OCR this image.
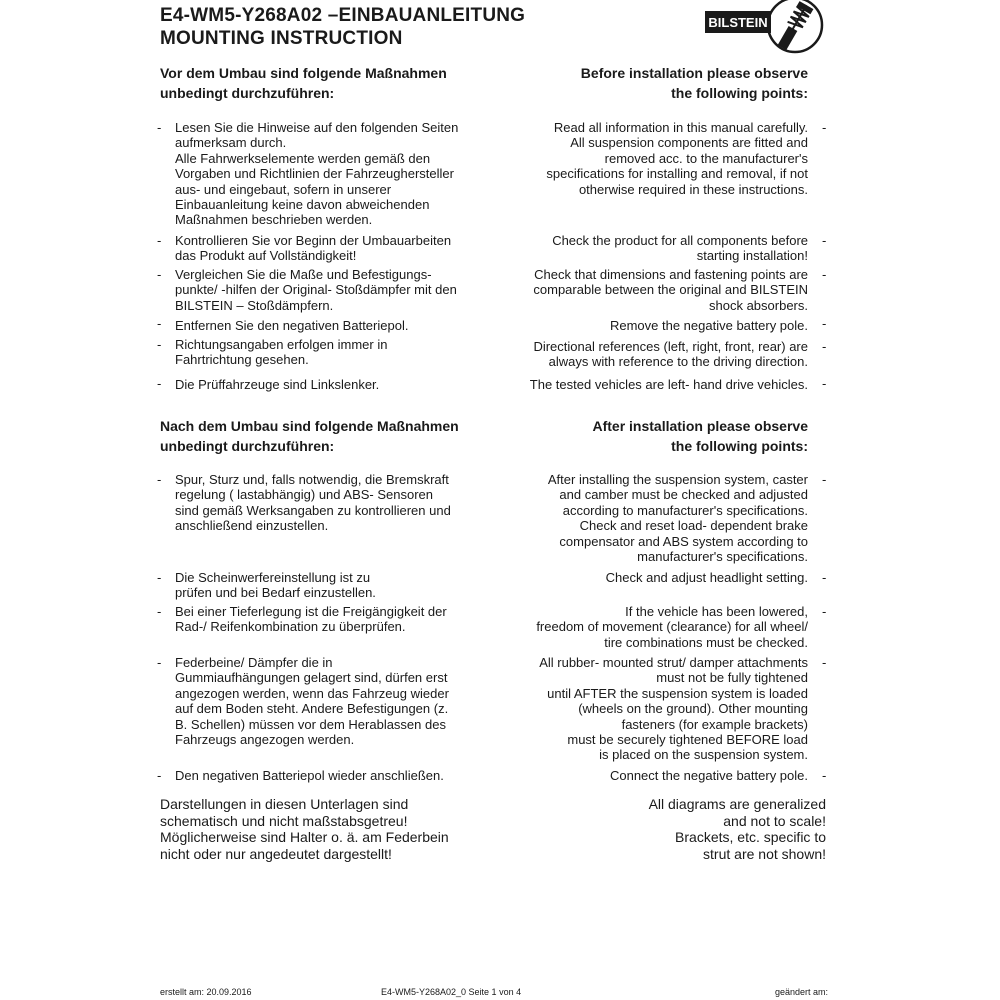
E4-WM5-Y268A02 –EINBAUANLEITUNG
MOUNTING INSTRUCTION
BILSTEIN
Vor dem Umbau sind folgende Maßnahmen
unbedingt durchzuführen:
Before installation please observe
the following points:
- Lesen Sie die Hinweise auf den folgenden Seiten
aufmerksam durch.
Alle Fahrwerkselemente werden gemäß den
Vorgaben und Richtlinien der Fahrzeughersteller
aus- und eingebaut, sofern in unserer
Einbauanleitung keine davon abweichenden
Maßnahmen beschrieben werden.
Read all information in this manual carefully.
All suspension components are fitted and
removed acc. to the manufacturer's
specifications for installing and removal, if not
otherwise required in these instructions.
-
- Kontrollieren Sie vor Beginn der Umbauarbeiten
das Produkt auf Vollständigkeit!
Check the product for all components before
starting installation!
-
- Vergleichen Sie die Maße und Befestigungs-
punkte/ -hilfen der Original- Stoßdämpfer mit den
BILSTEIN – Stoßdämpfern.
Check that dimensions and fastening points are
comparable between the original and BILSTEIN
shock absorbers.
-
- Entfernen Sie den negativen Batteriepol.	Remove the negative battery pole. -
- Richtungsangaben erfolgen immer in
Fahrtrichtung gesehen.
Directional references (left, right, front, rear) are
always with reference to the driving direction.
-
- Die Prüffahrzeuge sind Linkslenker.	The tested vehicles are left- hand drive vehicles. -
Nach dem Umbau sind folgende Maßnahmen
unbedingt durchzuführen:
After installation please observe
the following points:
- Spur, Sturz und, falls notwendig, die Bremskraft
regelung ( lastabhängig) und ABS- Sensoren
sind gemäß Werksangaben zu kontrollieren und
anschließend einzustellen.
After installing the suspension system, caster
and camber must be checked and adjusted
according to manufacturer's specifications.
Check and reset load- dependent brake
compensator and ABS system according to
manufacturer's specifications.
-
- Die Scheinwerfereinstellung ist zu
prüfen und bei Bedarf einzustellen.
Check and adjust headlight setting. -
- Bei einer Tieferlegung ist die Freigängigkeit der
Rad-/ Reifenkombination zu überprüfen.
If the vehicle has been lowered,
freedom of movement (clearance) for all wheel/
tire combinations must be checked.
-
- Federbeine/ Dämpfer die in
Gummiaufhängungen gelagert sind, dürfen erst
angezogen werden, wenn das Fahrzeug wieder
auf dem Boden steht. Andere Befestigungen (z.
B. Schellen) müssen vor dem Herablassen des
Fahrzeugs angezogen werden.
All rubber- mounted strut/ damper attachments
must not be fully tightened
until AFTER the suspension system is loaded
(wheels on the ground). Other mounting
fasteners (for example brackets)
must be securely tightened BEFORE load
is placed on the suspension system.
-
- Den negativen Batteriepol wieder anschließen.	Connect the negative battery pole. -
Darstellungen in diesen Unterlagen sind
schematisch und nicht maßstabsgetreu!
Möglicherweise sind Halter o. ä. am Federbein
nicht oder nur angedeutet dargestellt!
All diagrams are generalized
and not to scale!
Brackets, etc. specific to
strut are not shown!
erstellt am: 20.09.2016	E4-WM5-Y268A02_0 Seite 1 von 4	geändert am:
